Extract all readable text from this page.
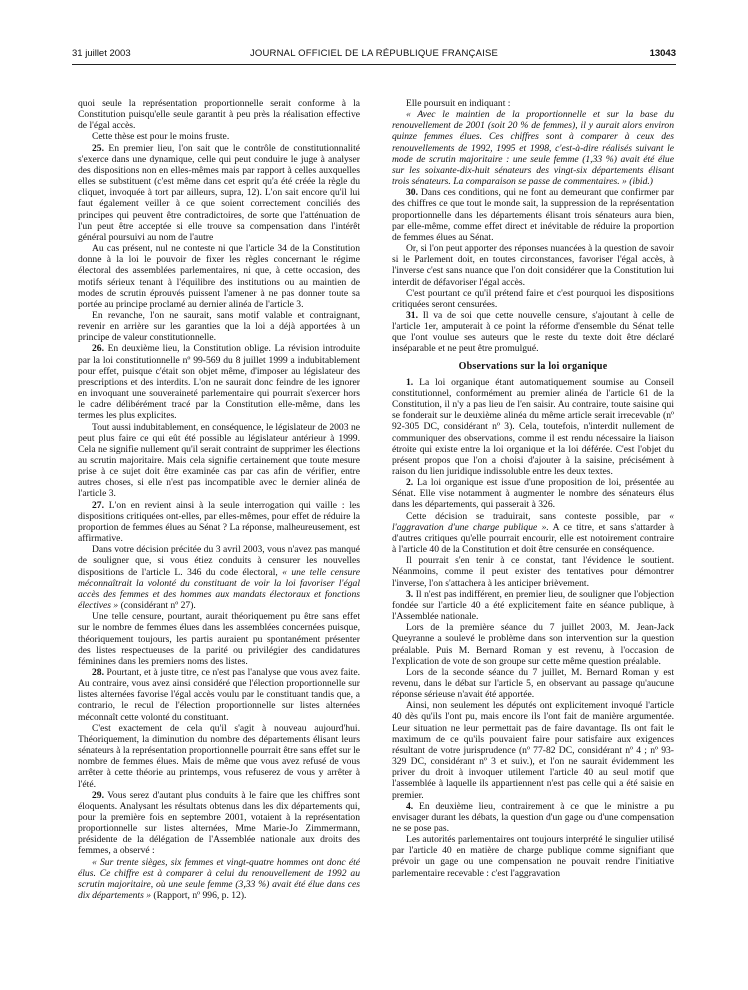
31 juillet 2003	JOURNAL OFFICIEL DE LA RÉPUBLIQUE FRANÇAISE	13043

quoi seule la représentation proportionnelle serait conforme à la Constitution puisqu'elle seule garantit à peu près la réalisation effective de l'égal accès.

Cette thèse est pour le moins fruste.

25. En premier lieu, l'on sait que le contrôle de constitutionnalité s'exerce dans une dynamique, celle qui peut conduire le juge à analyser des dispositions non en elles-mêmes mais par rapport à celles auxquelles elles se substituent (c'est même dans cet esprit qu'a été créée la règle du cliquet, invoquée à tort par ailleurs, supra, 12). L'on sait encore qu'il lui faut également veiller à ce que soient correctement conciliés des principes qui peuvent être contradictoires, de sorte que l'atténuation de l'un peut être acceptée si elle trouve sa compensation dans l'intérêt général poursuivi au nom de l'autre

Au cas présent, nul ne conteste ni que l'article 34 de la Constitution donne à la loi le pouvoir de fixer les règles concernant le régime électoral des assemblées parlementaires, ni que, à cette occasion, des motifs sérieux tenant à l'équilibre des institutions ou au maintien de modes de scrutin éprouvés puissent l'amener à ne pas donner toute sa portée au principe proclamé au dernier alinéa de l'article 3.

En revanche, l'on ne saurait, sans motif valable et contraignant, revenir en arrière sur les garanties que la loi a déjà apportées à un principe de valeur constitutionnelle.

26. En deuxième lieu, la Constitution oblige. La révision introduite par la loi constitutionnelle nº 99-569 du 8 juillet 1999 a indubitablement pour effet, puisque c'était son objet même, d'imposer au législateur des prescriptions et des interdits. L'on ne saurait donc feindre de les ignorer en invoquant une souveraineté parlementaire qui pourrait s'exercer hors le cadre délibérément tracé par la Constitution elle-même, dans les termes les plus explicites.

Tout aussi indubitablement, en conséquence, le législateur de 2003 ne peut plus faire ce qui eût été possible au législateur antérieur à 1999. Cela ne signifie nullement qu'il serait contraint de supprimer les élections au scrutin majoritaire. Mais cela signifie certainement que toute mesure prise à ce sujet doit être examinée cas par cas afin de vérifier, entre autres choses, si elle n'est pas incompatible avec le dernier alinéa de l'article 3.

27. L'on en revient ainsi à la seule interrogation qui vaille : les dispositions critiquées ont-elles, par elles-mêmes, pour effet de réduire la proportion de femmes élues au Sénat ? La réponse, malheureusement, est affirmative.

Dans votre décision précitée du 3 avril 2003, vous n'avez pas manqué de souligner que, si vous étiez conduits à censurer les nouvelles dispositions de l'article L. 346 du code électoral, « une telle censure méconnaîtrait la volonté du constituant de voir la loi favoriser l'égal accès des femmes et des hommes aux mandats électoraux et fonctions électives » (considérant nº 27).

Une telle censure, pourtant, aurait théoriquement pu être sans effet sur le nombre de femmes élues dans les assemblées concernées puisque, théoriquement toujours, les partis auraient pu spontanément présenter des listes respectueuses de la parité ou privilégier des candidatures féminines dans les premiers noms des listes.

28. Pourtant, et à juste titre, ce n'est pas l'analyse que vous avez faite. Au contraire, vous avez ainsi considéré que l'élection proportionnelle sur listes alternées favorise l'égal accès voulu par le constituant tandis que, a contrario, le recul de l'élection proportionnelle sur listes alternées méconnaît cette volonté du constituant.

C'est exactement de cela qu'il s'agit à nouveau aujourd'hui. Théoriquement, la diminution du nombre des départements élisant leurs sénateurs à la représentation proportionnelle pourrait être sans effet sur le nombre de femmes élues. Mais de même que vous avez refusé de vous arrêter à cette théorie au printemps, vous refuserez de vous y arrêter à l'été.

29. Vous serez d'autant plus conduits à le faire que les chiffres sont éloquents. Analysant les résultats obtenus dans les dix départements qui, pour la première fois en septembre 2001, votaient à la représentation proportionnelle sur listes alternées, Mme Marie-Jo Zimmermann, présidente de la délégation de l'Assemblée nationale aux droits des femmes, a observé :

« Sur trente sièges, six femmes et vingt-quatre hommes ont donc été élus. Ce chiffre est à comparer à celui du renouvellement de 1992 au scrutin majoritaire, où une seule femme (3,33 %) avait été élue dans ces dix départements » (Rapport, nº 996, p. 12).

Elle poursuit en indiquant :

« Avec le maintien de la proportionnelle et sur la base du renouvellement de 2001 (soit 20 % de femmes), il y aurait alors environ quinze femmes élues. Ces chiffres sont à comparer à ceux des renouvellements de 1992, 1995 et 1998, c'est-à-dire réalisés suivant le mode de scrutin majoritaire : une seule femme (1,33 %) avait été élue sur les soixante-dix-huit sénateurs des vingt-six départements élisant trois sénateurs. La comparaison se passe de commentaires. » (ibid.)

30. Dans ces conditions, qui ne font au demeurant que confirmer par des chiffres ce que tout le monde sait, la suppression de la représentation proportionnelle dans les départements élisant trois sénateurs aura bien, par elle-même, comme effet direct et inévitable de réduire la proportion de femmes élues au Sénat.

Or, si l'on peut apporter des réponses nuancées à la question de savoir si le Parlement doit, en toutes circonstances, favoriser l'égal accès, à l'inverse c'est sans nuance que l'on doit considérer que la Constitution lui interdit de défavoriser l'égal accès.

C'est pourtant ce qu'il prétend faire et c'est pourquoi les dispositions critiquées seront censurées.

31. Il va de soi que cette nouvelle censure, s'ajoutant à celle de l'article 1er, amputerait à ce point la réforme d'ensemble du Sénat telle que l'ont voulue ses auteurs que le reste du texte doit être déclaré inséparable et ne peut être promulgué.

Observations sur la loi organique

1. La loi organique étant automatiquement soumise au Conseil constitutionnel, conformément au premier alinéa de l'article 61 de la Constitution, il n'y a pas lieu de l'en saisir. Au contraire, toute saisine qui se fonderait sur le deuxième alinéa du même article serait irrecevable (nº 92-305 DC, considérant nº 3). Cela, toutefois, n'interdit nullement de communiquer des observations, comme il est rendu nécessaire la liaison étroite qui existe entre la loi organique et la loi déférée. C'est l'objet du présent propos que l'on a choisi d'ajouter à la saisine, précisément à raison du lien juridique indissoluble entre les deux textes.

2. La loi organique est issue d'une proposition de loi, présentée au Sénat. Elle vise notamment à augmenter le nombre des sénateurs élus dans les départements, qui passerait à 326.

Cette décision se traduirait, sans conteste possible, par « l'aggravation d'une charge publique ». A ce titre, et sans s'attarder à d'autres critiques qu'elle pourrait encourir, elle est notoirement contraire à l'article 40 de la Constitution et doit être censurée en conséquence.

Il pourrait s'en tenir à ce constat, tant l'évidence le soutient. Néanmoins, comme il peut exister des tentatives pour démontrer l'inverse, l'on s'attachera à les anticiper brièvement.

3. Il n'est pas indifférent, en premier lieu, de souligner que l'objection fondée sur l'article 40 a été explicitement faite en séance publique, à l'Assemblée nationale.

Lors de la première séance du 7 juillet 2003, M. Jean-Jack Queyranne a soulevé le problème dans son intervention sur la question préalable. Puis M. Bernard Roman y est revenu, à l'occasion de l'explication de vote de son groupe sur cette même question préalable.

Lors de la seconde séance du 7 juillet, M. Bernard Roman y est revenu, dans le débat sur l'article 5, en observant au passage qu'aucune réponse sérieuse n'avait été apportée.

Ainsi, non seulement les députés ont explicitement invoqué l'article 40 dès qu'ils l'ont pu, mais encore ils l'ont fait de manière argumentée. Leur situation ne leur permettait pas de faire davantage. Ils ont fait le maximum de ce qu'ils pouvaient faire pour satisfaire aux exigences résultant de votre jurisprudence (nº 77-82 DC, considérant nº 4 ; nº 93-329 DC, considérant nº 3 et suiv.), et l'on ne saurait évidemment les priver du droit à invoquer utilement l'article 40 au seul motif que l'assemblée à laquelle ils appartiennent n'est pas celle qui a été saisie en premier.

4. En deuxième lieu, contrairement à ce que le ministre a pu envisager durant les débats, la question d'un gage ou d'une compensation ne se pose pas.

Les autorités parlementaires ont toujours interprété le singulier utilisé par l'article 40 en matière de charge publique comme signifiant que prévoir un gage ou une compensation ne pouvait rendre l'initiative parlementaire recevable : c'est l'aggravation
